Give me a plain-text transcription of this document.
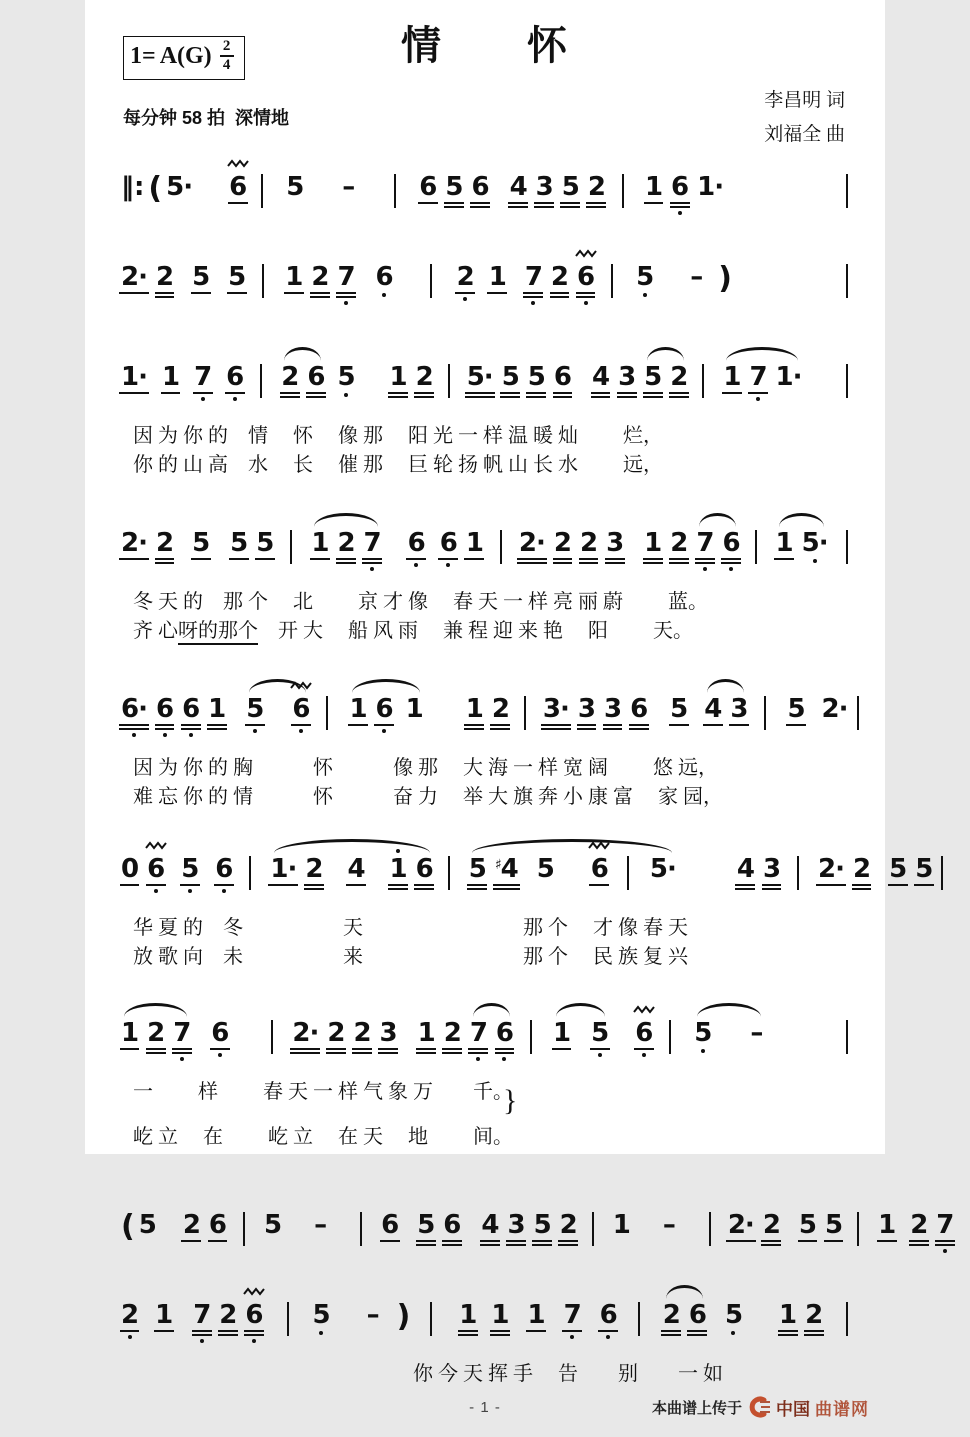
情　　怀
$1= A(G) \frac{2}{4}$
每分钟 58 拍  深情地
李昌明 词
刘福全 曲
‖: ( 5· 6 5 – 6 5 6 4 3 5 2 1 6 1·
2· 2 5 5 1 2 7 6 2 1 7 2 6 5 – )
1· 1 7 6 2 6 5 1 2 5· 5 5 6 4 3 5 2 1 7 1·
因 为 你 的　情　 怀　 像 那　 阳 光 一 样 温 暖 灿　　 烂，
你 的 山 高　水　 长　 催 那　 巨 轮 扬 帆 山 长 水　　 远，
2· 2 5 5 5 1 2 7 6 6 1 2· 2 2 3 1 2 7 6 1 5·
冬 天 的　那 个　 北　　 京 才 像　 春 天 一 样 亮 丽 蔚　　 蓝。
齐 心呀的那个　开 大　 船 风 雨　 兼 程 迎 来 艳　 阳　　 天。
6· 6 6 1 5 6 1 6 1 1 2 3· 3 3 6 5 4 3 5 2·
因 为 你 的 胸　　　怀　　　像 那　 大 海 一 样 宽 阔　　 悠 远，
难 忘 你 的 情　　　怀　　　奋 力　 举 大 旗 奔 小 康 富　 家 园，
0 6 5 6 1· 2 4 1 6 5 ♯4 5 6 5· 4 3 2· 2 5 5
华 夏 的　冬　　　　　天　　　　　　　　那 个　 才 像 春 天
放 歌 向　未　　　　　来　　　　　　　　那 个　 民 族 复 兴
1 2 7 6 2· 2 2 3 1 2 7 6 1 5 6 5 –
一　　 样　　 春 天 一 样 气 象 万　　千。}
屹 立　 在　　 屹 立　 在 天　 地　　 间。
( 5 2 6 5 – 6 5 6 4 3 5 2 1 – 2· 2 5 5 1 2 7
2 1 7 2 6 5 – ) 1 1 1 7 6 2 6 5 1 2
　　　　　　　　　　　　　　你 今 天 挥 手　 告　　别　　一 如
- 1 -	本曲谱上传于 中国 曲谱网
